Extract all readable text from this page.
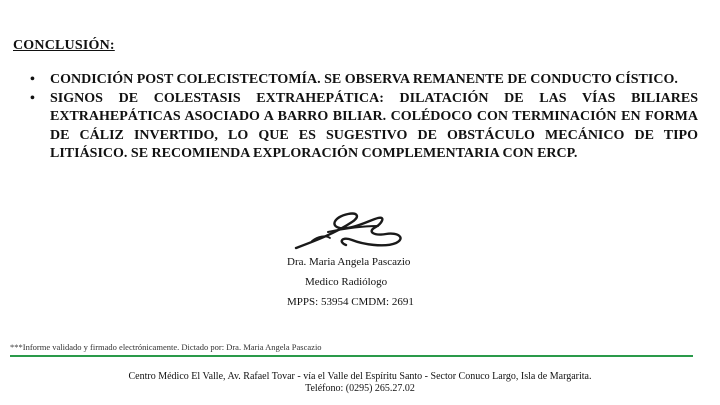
CONCLUSIÓN:

•	CONDICIÓN POST COLECISTECTOMÍA. SE OBSERVA REMANENTE DE CONDUCTO CÍSTICO.
•	SIGNOS DE COLESTASIS EXTRAHEPÁTICA: DILATACIÓN DE LAS VÍAS BILIARES EXTRAHEPÁTICAS ASOCIADO A BARRO BILIAR. COLÉDOCO CON TERMINACIÓN EN FORMA DE CÁLIZ INVERTIDO, LO QUE ES SUGESTIVO DE OBSTÁCULO MECÁNICO DE TIPO LITIÁSICO. SE RECOMIENDA EXPLORACIÓN COMPLEMENTARIA CON ERCP.
Dra. Maria Angela Pascazio
Medico Radiólogo
MPPS: 53954 CMDM: 2691
***Informe validado y firmado electrónicamente. Dictado por: Dra. Maria Angela Pascazio
Centro Médico El Valle, Av. Rafael Tovar - vía el Valle del Espíritu Santo - Sector Conuco Largo, Isla de Margarita.
Teléfono: (0295) 265.27.02
